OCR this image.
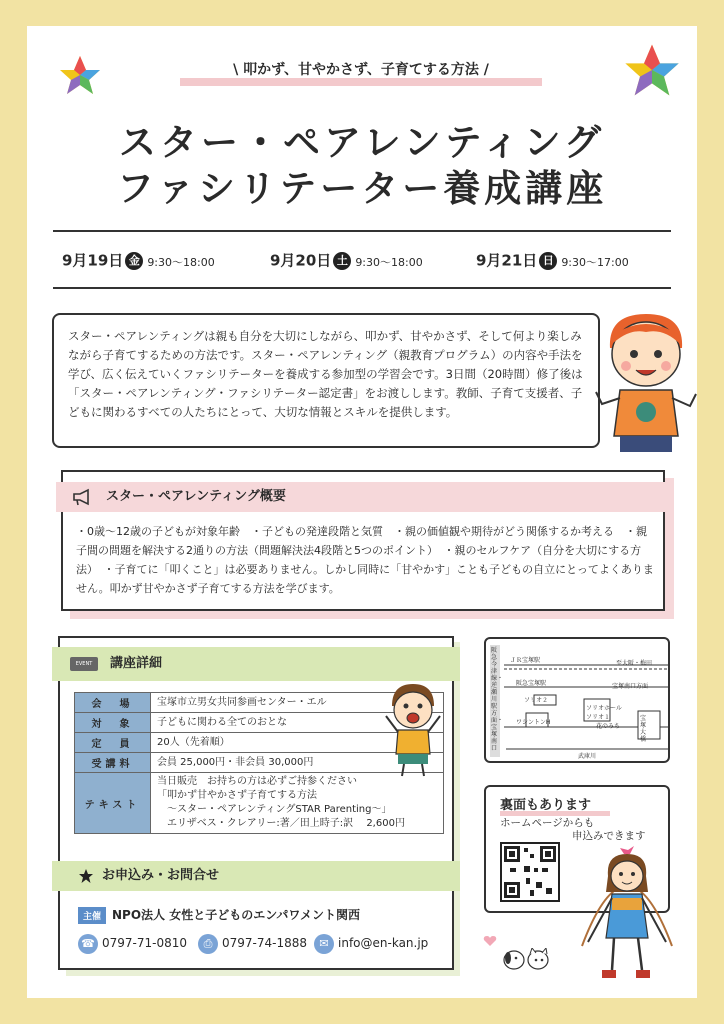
\ 叩かず、甘やかさず、子育てする方法 /
スター・ペアレンティング
ファシリテーター養成講座
9月19日 金 9:30～18:00	9月20日 土 9:30～18:00	9月21日 日 9:30～17:00
スター・ペアレンティングは親も自分を大切にしながら、叩かず、甘やかさず、そして何より楽しみながら子育てするための方法です。スター・ペアレンティング（親教育プログラム）の内容や手法を学び、広く伝えていくファシリテーターを養成する参加型の学習会です。3日間（20時間）修了後は「スター・ペアレンティング・ファシリテーター認定書」をお渡しします。教師、子育て支援者、子どもに関わるすべての人たちにとって、大切な情報とスキルを提供します。
スター・ペアレンティング概要
・0歳～12歳の子どもが対象年齢　・子どもの発達段階と気質　・親の価値観や期待がどう関係するか考える　・親子間の問題を解決する2通りの方法（問題解決法4段階と5つのポイント）　・親のセルフケア（自分を大切にする方法）　・子育てに「叩くこと」は必要ありません。しかし同時に「甘やかす」ことも子どもの自立にとってよくありません。叩かず甘やかさず子育てする方法を学びます。
講座詳細
EVENT
会　場	宝塚市立男女共同参画センター・エル
対　象	子どもに関わる全てのおとな
定　員	20人（先着順）
受講料	会員 25,000円・非会員 30,000円
テキスト	当日販売　お持ちの方は必ずご持参ください
「叩かず甘やかさず子育てする方法
　～スター・ペアレンティングSTAR Parenting～」
　エリザベス・クレアリー:著／田上時子:訳　 2,600円
お申込み・お問合せ
主催 NPO法人 女性と子どものエンパワメント関西
☎ 0797-71-0810	⎙ 0797-74-1888	✉ info@en-kan.jp
阪急今津線・逆瀬川駅方面・宝塚南口
ＪＲ宝塚駅
阪急宝塚駅
ソリオ２
ソリオホール
ソリオ１
ワシントンH
至大阪・梅田
宝塚南口方面
花のみち
宝塚大橋
武庫川
裏面もあります
ホームページからも
申込みできます
